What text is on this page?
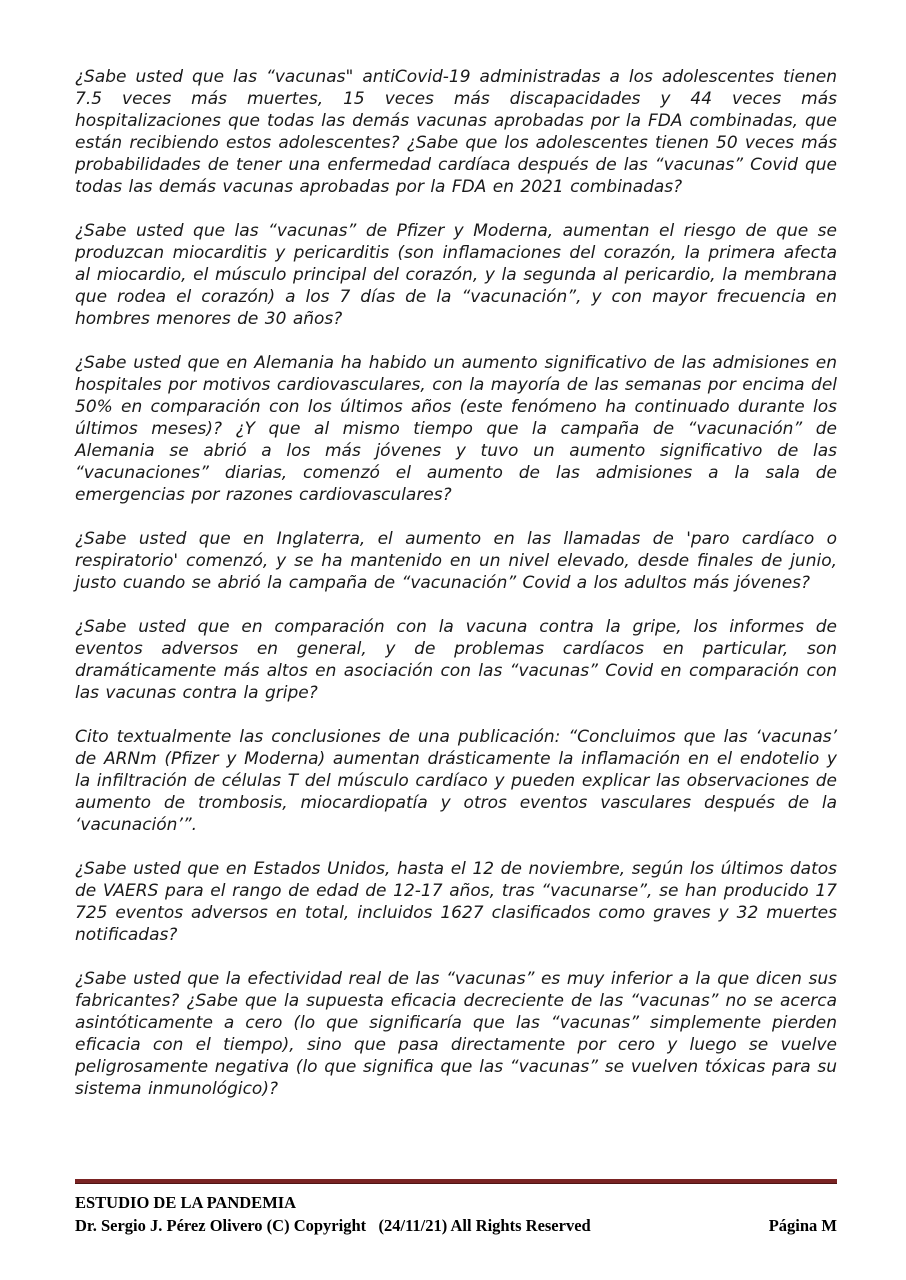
¿Sabe usted que las “vacunas" antiCovid-19 administradas a los adolescentes tienen 7.5 veces más muertes, 15 veces más discapacidades y 44 veces más hospitalizaciones que todas las demás vacunas aprobadas por la FDA combinadas, que están recibiendo estos adolescentes? ¿Sabe que los adolescentes tienen 50 veces más probabilidades de tener una enfermedad cardíaca después de las “vacunas” Covid que todas las demás vacunas aprobadas por la FDA en 2021 combinadas?

¿Sabe usted que las “vacunas” de Pfizer y Moderna, aumentan el riesgo de que se produzcan miocarditis y pericarditis (son inflamaciones del corazón, la primera afecta al miocardio, el músculo principal del corazón, y la segunda al pericardio, la membrana que rodea el corazón) a los 7 días de la “vacunación”, y con mayor frecuencia en hombres menores de 30 años?

¿Sabe usted que en Alemania ha habido un aumento significativo de las admisiones en hospitales por motivos cardiovasculares, con la mayoría de las semanas por encima del 50% en comparación con los últimos años (este fenómeno ha continuado durante los últimos meses)? ¿Y que al mismo tiempo que la campaña de “vacunación” de Alemania se abrió a los más jóvenes y tuvo un aumento significativo de las “vacunaciones” diarias, comenzó el aumento de las admisiones a la sala de emergencias por razones cardiovasculares?

¿Sabe usted que en Inglaterra, el aumento en las llamadas de 'paro cardíaco o respiratorio' comenzó, y se ha mantenido en un nivel elevado, desde finales de junio, justo cuando se abrió la campaña de “vacunación” Covid a los adultos más jóvenes?

¿Sabe usted que en comparación con la vacuna contra la gripe, los informes de eventos adversos en general, y de problemas cardíacos en particular, son dramáticamente más altos en asociación con las “vacunas” Covid en comparación con las vacunas contra la gripe?

Cito textualmente las conclusiones de una publicación: “Concluimos que las ‘vacunas’ de ARNm (Pfizer y Moderna) aumentan drásticamente la inflamación en el endotelio y la infiltración de células T del músculo cardíaco y pueden explicar las observaciones de aumento de trombosis, miocardiopatía y otros eventos vasculares después de la ‘vacunación’”.

¿Sabe usted que en Estados Unidos, hasta el 12 de noviembre, según los últimos datos de VAERS para el rango de edad de 12-17 años, tras “vacunarse”, se han producido 17 725 eventos adversos en total, incluidos 1627 clasificados como graves y 32 muertes notificadas?

¿Sabe usted que la efectividad real de las “vacunas” es muy inferior a la que dicen sus fabricantes? ¿Sabe que la supuesta eficacia decreciente de las “vacunas” no se acerca asintóticamente a cero (lo que significaría que las “vacunas” simplemente pierden eficacia con el tiempo), sino que pasa directamente por cero y luego se vuelve peligrosamente negativa (lo que significa que las “vacunas” se vuelven tóxicas para su sistema inmunológico)?

ESTUDIO DE LA PANDEMIA
Dr. Sergio J. Pérez Olivero (C) Copyright   (24/11/21) All Rights Reserved	Página M
